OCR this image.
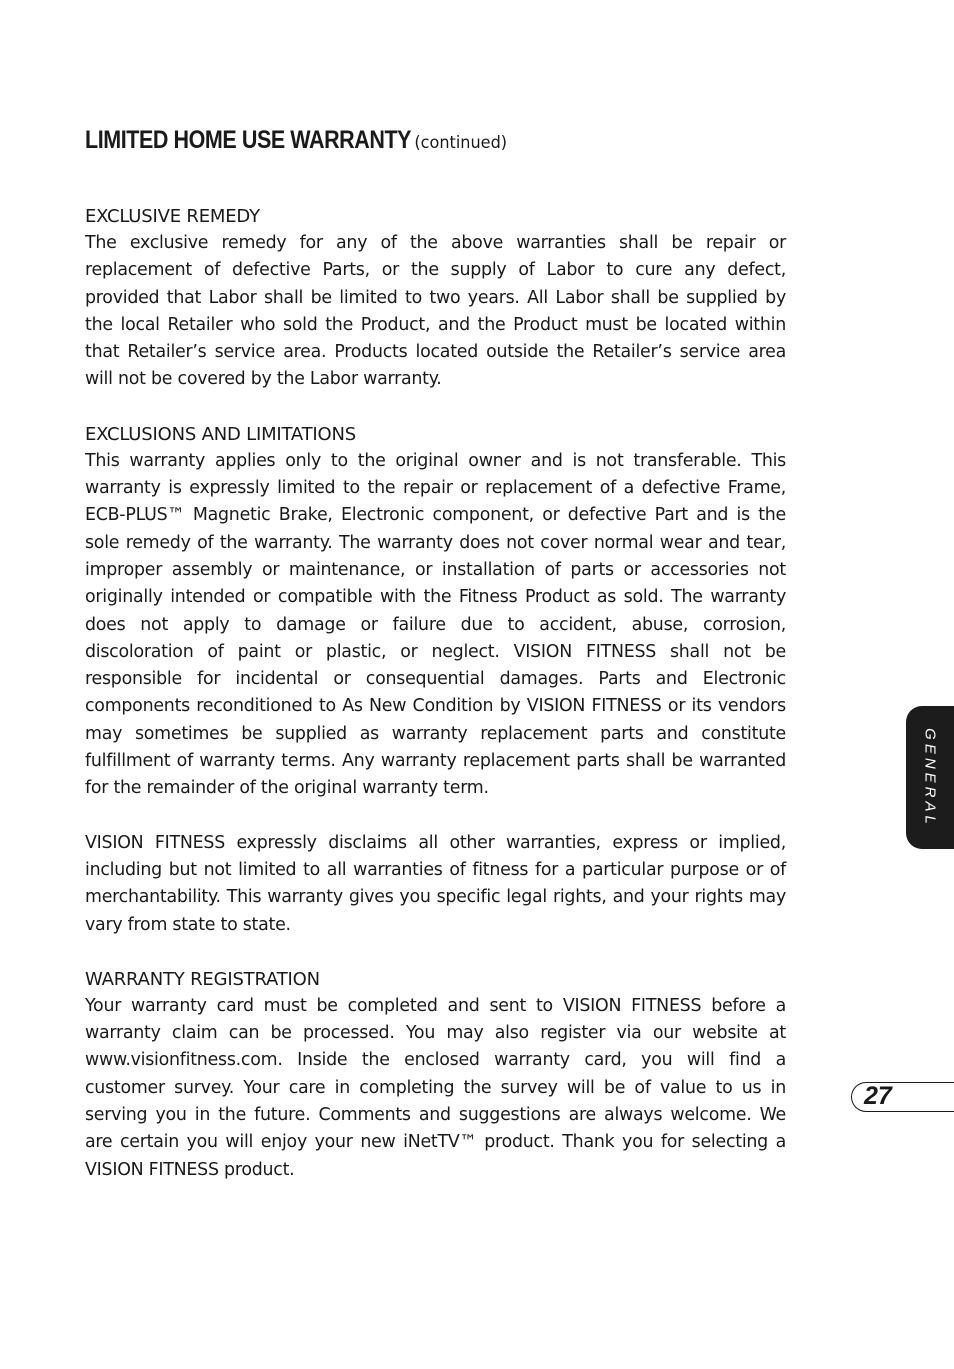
LIMITED HOME USE WARRANTY (continued)
EXCLUSIVE REMEDY

The exclusive remedy for any of the above warranties shall be repair or replacement of defective Parts, or the supply of Labor to cure any defect, provided that Labor shall be limited to two years. All Labor shall be supplied by the local Retailer who sold the Product, and the Product must be located within that Retailer’s service area. Products located outside the Retailer’s service area will not be covered by the Labor warranty.

EXCLUSIONS AND LIMITATIONS

This warranty applies only to the original owner and is not transferable. This warranty is expressly limited to the repair or replacement of a defective Frame, ECB-PLUS™ Magnetic Brake, Electronic component, or defective Part and is the sole remedy of the warranty. The warranty does not cover normal wear and tear, improper assembly or maintenance, or installation of parts or accessories not originally intended or compatible with the Fitness Product as sold. The warranty does not apply to damage or failure due to accident, abuse, corrosion, discoloration of paint or plastic, or neglect. VISION FITNESS shall not be responsible for incidental or consequential damages. Parts and Electronic components reconditioned to As New Condition by VISION FITNESS or its vendors may sometimes be supplied as warranty replacement parts and constitute fulfillment of warranty terms. Any warranty replacement parts shall be warranted for the remainder of the original warranty term.

VISION FITNESS expressly disclaims all other warranties, express or implied, including but not limited to all warranties of fitness for a particular purpose or of merchantability. This warranty gives you specific legal rights, and your rights may vary from state to state.

WARRANTY REGISTRATION

Your warranty card must be completed and sent to VISION FITNESS before a warranty claim can be processed. You may also register via our website at www.visionfitness.com. Inside the enclosed warranty card, you will find a customer survey. Your care in completing the survey will be of value to us in serving you in the future. Comments and suggestions are always welcome. We are certain you will enjoy your new iNetTV™ product. Thank you for selecting a VISION FITNESS product.

GENERAL
27
